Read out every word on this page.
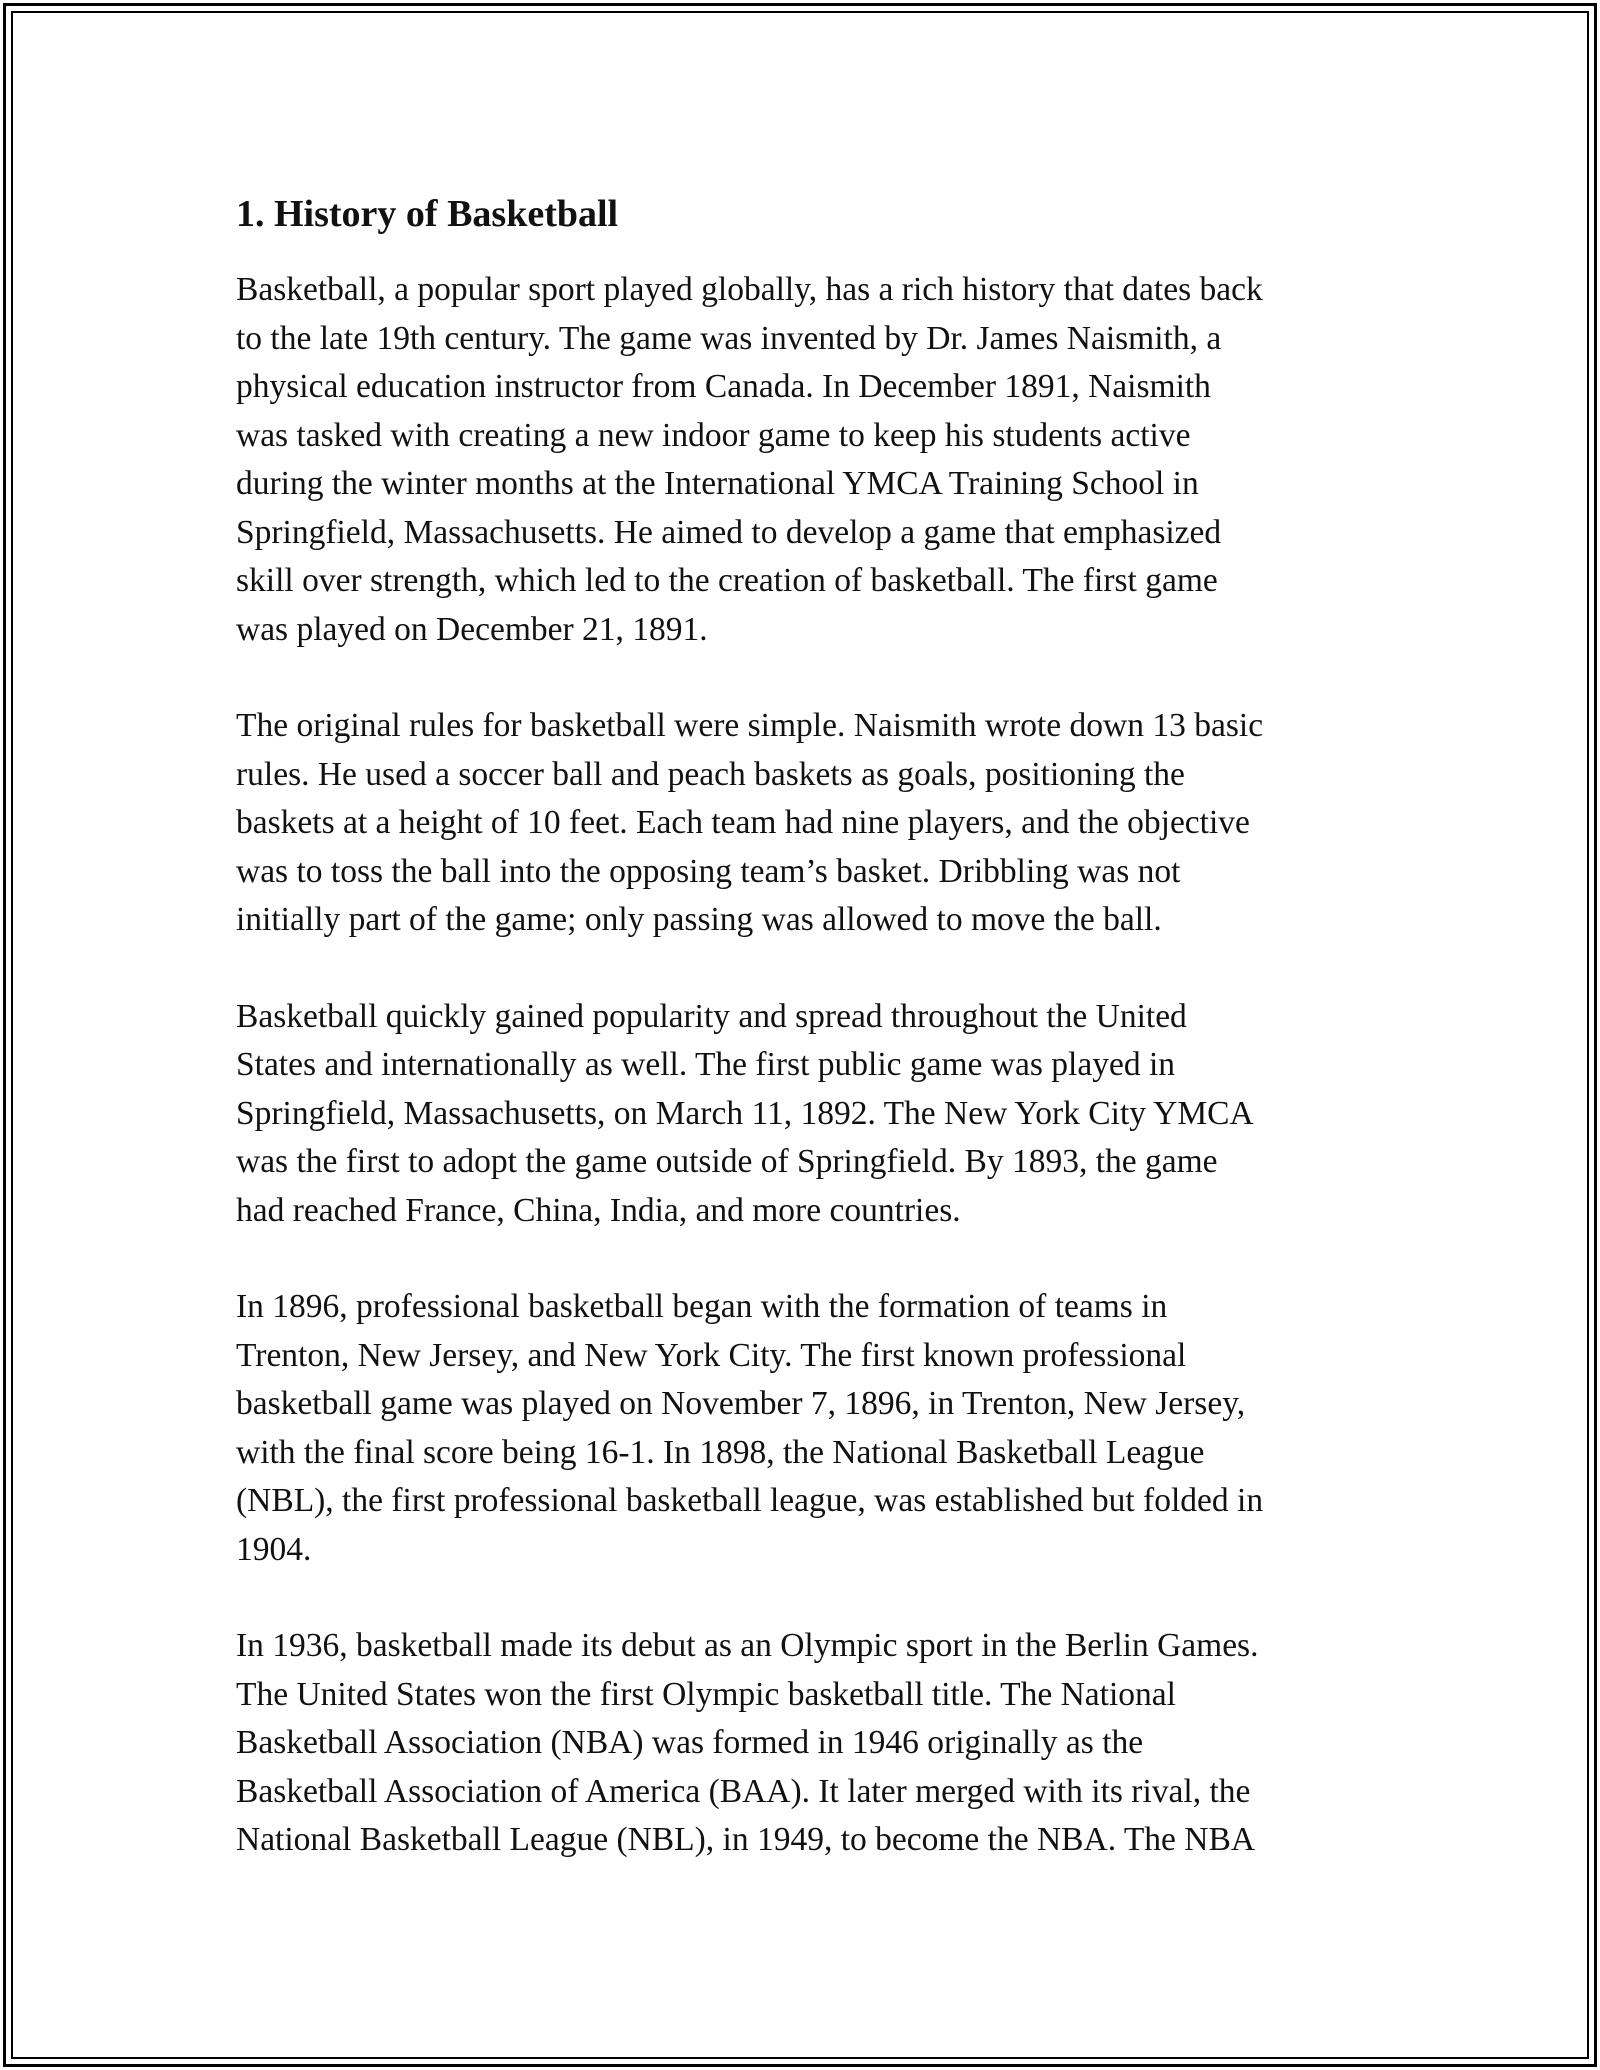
1. History of Basketball

Basketball, a popular sport played globally, has a rich history that dates back
to the late 19th century. The game was invented by Dr. James Naismith, a
physical education instructor from Canada. In December 1891, Naismith
was tasked with creating a new indoor game to keep his students active
during the winter months at the International YMCA Training School in
Springfield, Massachusetts. He aimed to develop a game that emphasized
skill over strength, which led to the creation of basketball. The first game
was played on December 21, 1891.

The original rules for basketball were simple. Naismith wrote down 13 basic
rules. He used a soccer ball and peach baskets as goals, positioning the
baskets at a height of 10 feet. Each team had nine players, and the objective
was to toss the ball into the opposing team’s basket. Dribbling was not
initially part of the game; only passing was allowed to move the ball.

Basketball quickly gained popularity and spread throughout the United
States and internationally as well. The first public game was played in
Springfield, Massachusetts, on March 11, 1892. The New York City YMCA
was the first to adopt the game outside of Springfield. By 1893, the game
had reached France, China, India, and more countries.

In 1896, professional basketball began with the formation of teams in
Trenton, New Jersey, and New York City. The first known professional
basketball game was played on November 7, 1896, in Trenton, New Jersey,
with the final score being 16-1. In 1898, the National Basketball League
(NBL), the first professional basketball league, was established but folded in
1904.

In 1936, basketball made its debut as an Olympic sport in the Berlin Games.
The United States won the first Olympic basketball title. The National
Basketball Association (NBA) was formed in 1946 originally as the
Basketball Association of America (BAA). It later merged with its rival, the
National Basketball League (NBL), in 1949, to become the NBA. The NBA
